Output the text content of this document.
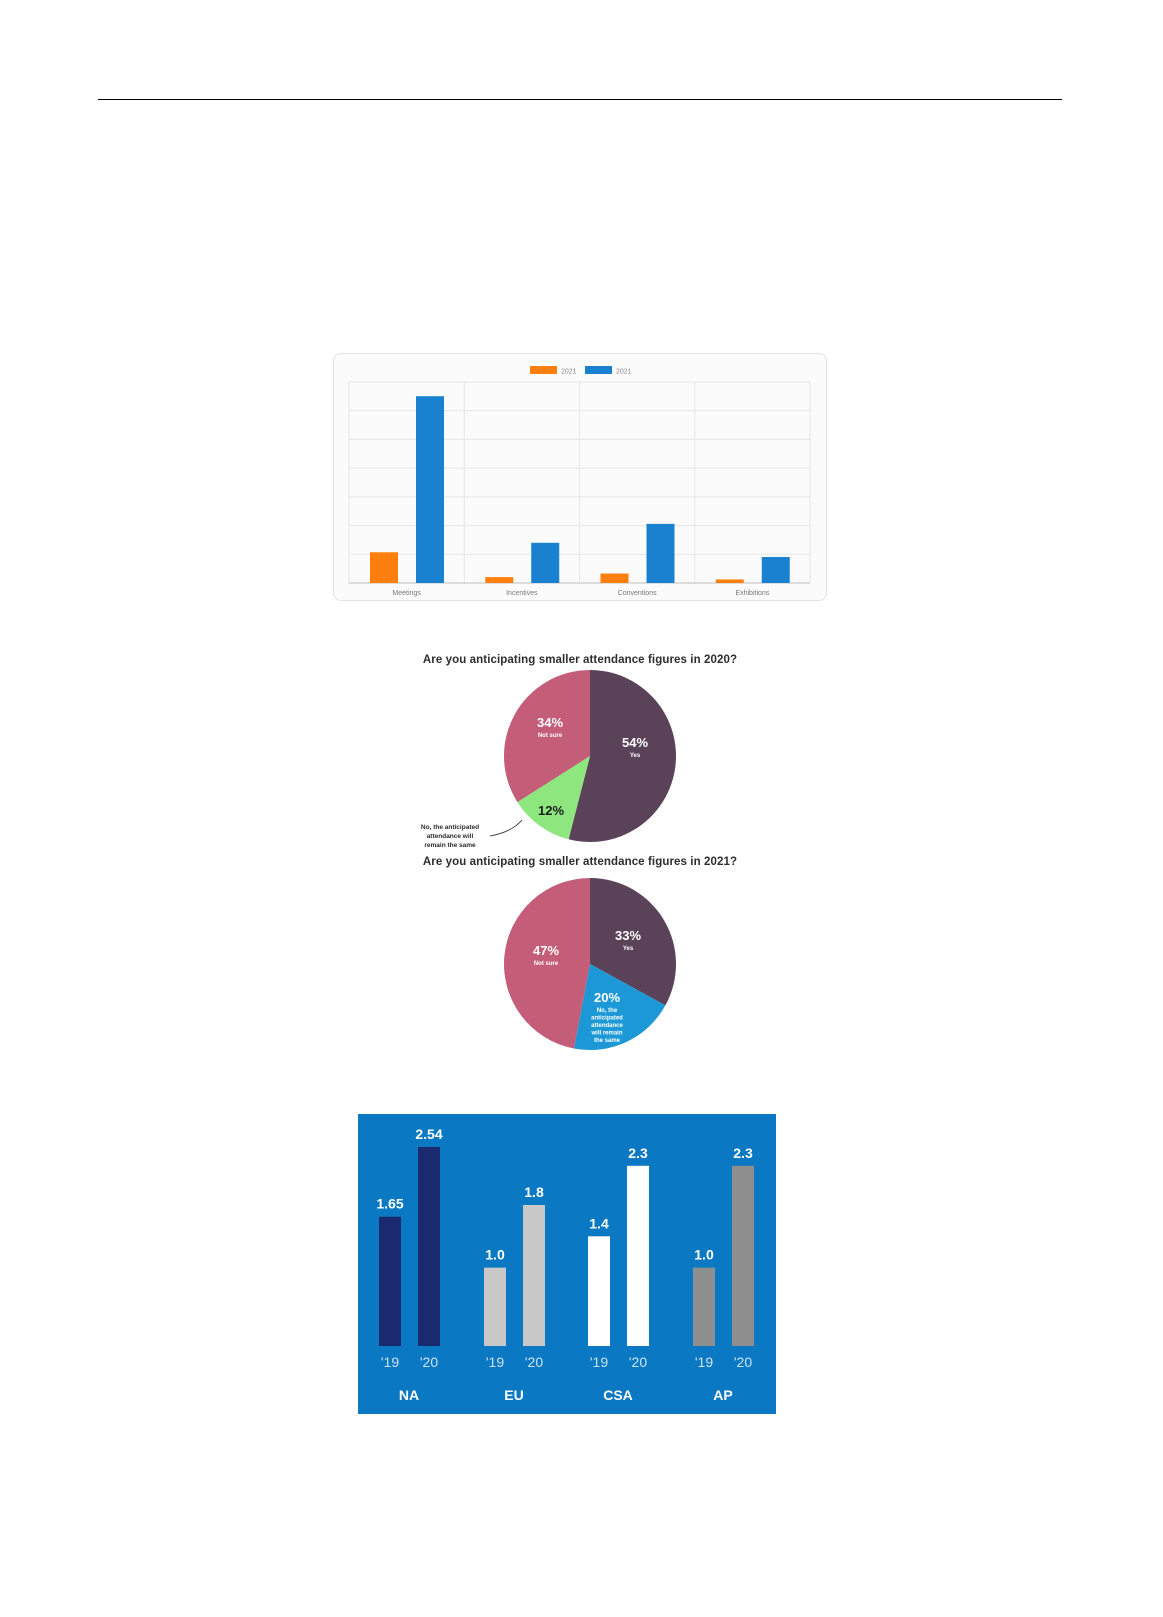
2021	2021
Meetings	Incentives	Conventions	Exhibitions
Are you anticipating smaller attendance figures in 2020?
54%
Yes
12%
34%
Not sure
No, the anticipated
attendance will
remain the same
Are you anticipating smaller attendance figures in 2021?
33%
Yes
20%
No, the
anticipated
attendance
will remain
the same
47%
Not sure
1.65
'19
2.54
'20
NA
1.0
'19
1.8
'20
EU
1.4
'19
2.3
'20
CSA
1.0
'19
2.3
'20
AP
